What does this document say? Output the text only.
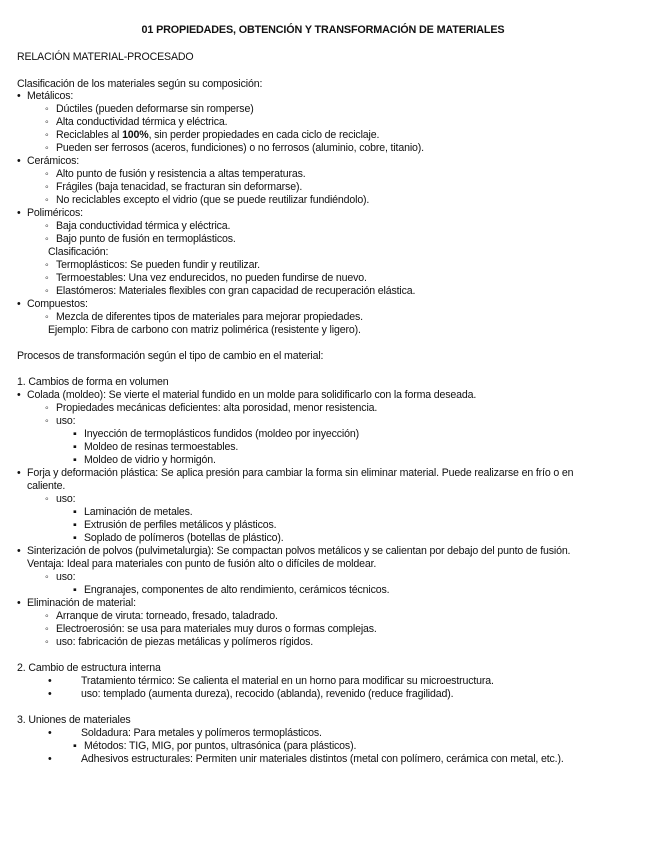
01 PROPIEDADES, OBTENCIÓN Y TRANSFORMACIÓN DE MATERIALES
RELACIÓN MATERIAL-PROCESADO
Clasificación de los materiales según su composición:
• Metálicos:
◦ Dúctiles (pueden deformarse sin romperse)
◦ Alta conductividad térmica y eléctrica.
◦ Reciclables al 100%, sin perder propiedades en cada ciclo de reciclaje.
◦ Pueden ser ferrosos (aceros, fundiciones) o no ferrosos (aluminio, cobre, titanio).
• Cerámicos:
◦ Alto punto de fusión y resistencia a altas temperaturas.
◦ Frágiles (baja tenacidad, se fracturan sin deformarse).
◦ No reciclables excepto el vidrio (que se puede reutilizar fundiéndolo).
• Poliméricos:
◦ Baja conductividad térmica y eléctrica.
◦ Bajo punto de fusión en termoplásticos.
Clasificación:
◦ Termoplásticos: Se pueden fundir y reutilizar.
◦ Termoestables: Una vez endurecidos, no pueden fundirse de nuevo.
◦ Elastómeros: Materiales flexibles con gran capacidad de recuperación elástica.
• Compuestos:
◦ Mezcla de diferentes tipos de materiales para mejorar propiedades.
Ejemplo: Fibra de carbono con matriz polimérica (resistente y ligero).
Procesos de transformación según el tipo de cambio en el material:
1. Cambios de forma en volumen
• Colada (moldeo): Se vierte el material fundido en un molde para solidificarlo con la forma deseada.
◦ Propiedades mecánicas deficientes: alta porosidad, menor resistencia.
◦ uso:
▪ Inyección de termoplásticos fundidos (moldeo por inyección)
▪ Moldeo de resinas termoestables.
▪ Moldeo de vidrio y hormigón.
• Forja y deformación plástica: Se aplica presión para cambiar la forma sin eliminar material. Puede realizarse en frío o en
caliente.
◦ uso:
▪ Laminación de metales.
▪ Extrusión de perfiles metálicos y plásticos.
▪ Soplado de polímeros (botellas de plástico).
• Sinterización de polvos (pulvimetalurgia): Se compactan polvos metálicos y se calientan por debajo del punto de fusión.
Ventaja: Ideal para materiales con punto de fusión alto o difíciles de moldear.
◦ uso:
▪ Engranajes, componentes de alto rendimiento, cerámicos técnicos.
• Eliminación de material:
◦ Arranque de viruta: torneado, fresado, taladrado.
◦ Electroerosión: se usa para materiales muy duros o formas complejas.
◦ uso: fabricación de piezas metálicas y polímeros rígidos.
2. Cambio de estructura interna
•	Tratamiento térmico: Se calienta el material en un horno para modificar su microestructura.
•	uso: templado (aumenta dureza), recocido (ablanda), revenido (reduce fragilidad).
3. Uniones de materiales
•	Soldadura: Para metales y polímeros termoplásticos.
▪ Métodos: TIG, MIG, por puntos, ultrasónica (para plásticos).
•	Adhesivos estructurales: Permiten unir materiales distintos (metal con polímero, cerámica con metal, etc.).
